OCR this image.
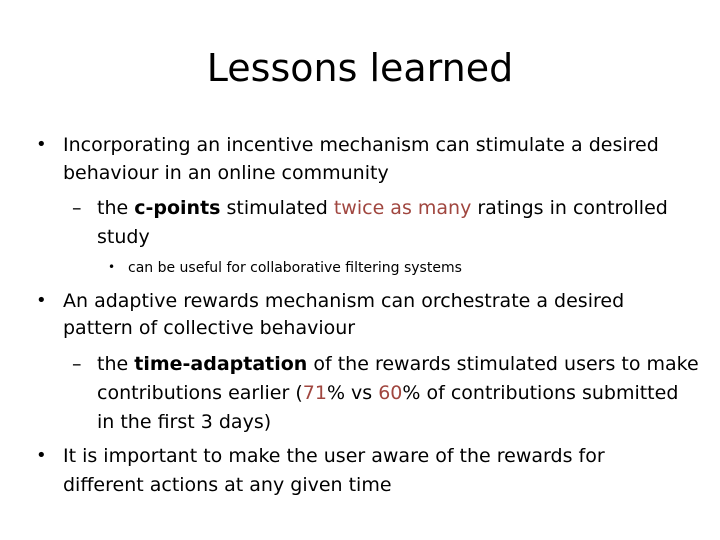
Lessons learned
• Incorporating an incentive mechanism can stimulate a desired
behaviour in an online community
– the c-points stimulated twice as many ratings in controlled
study
• can be useful for collaborative filtering systems
• An adaptive rewards mechanism can orchestrate a desired
pattern of collective behaviour
– the time-adaptation of the rewards stimulated users to make
contributions earlier (71% vs 60% of contributions submitted
in the first 3 days)
• It is important to make the user aware of the rewards for
different actions at any given time
